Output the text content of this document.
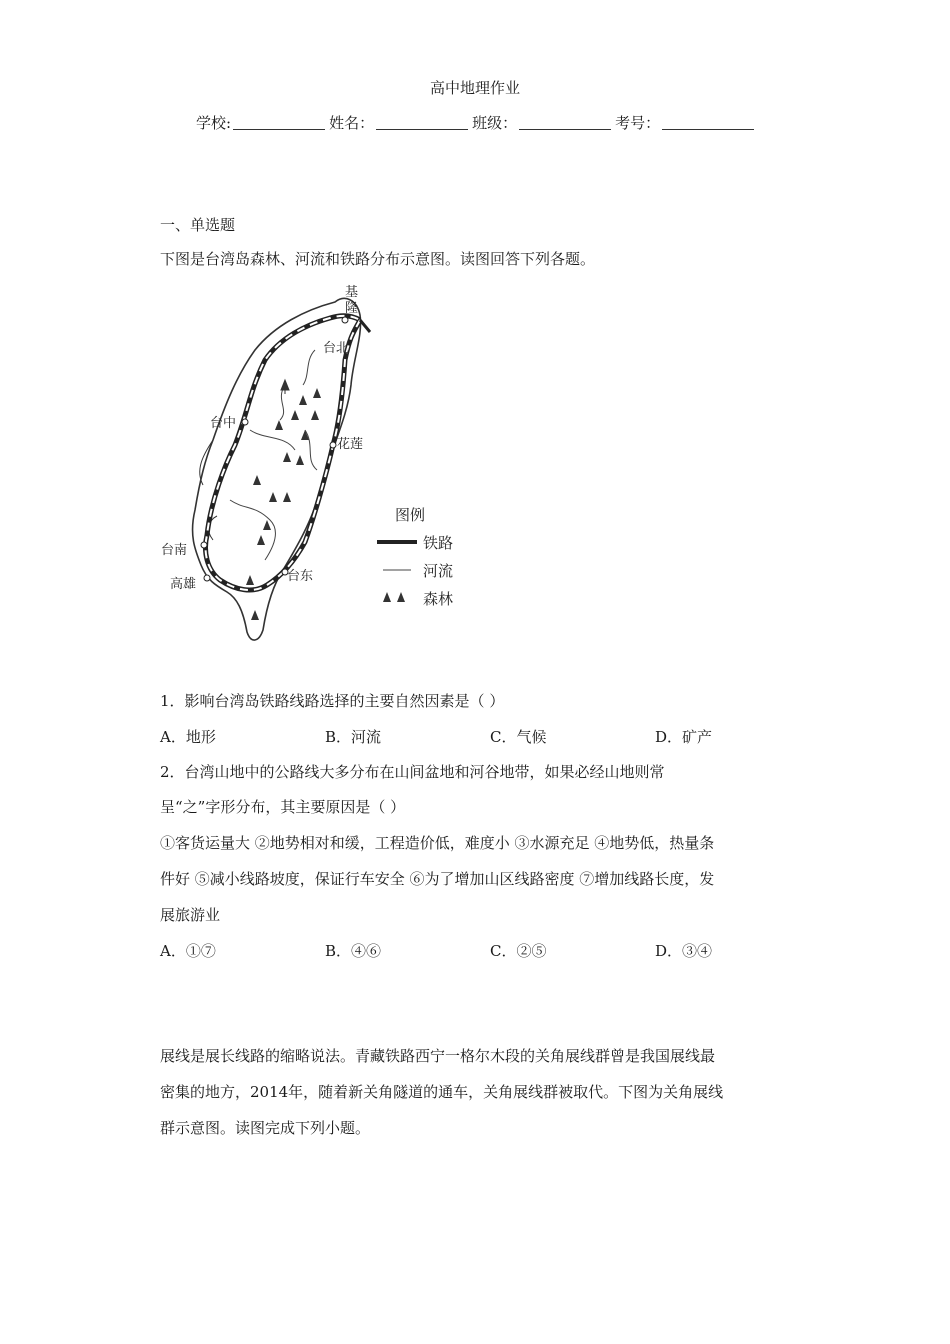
高中地理作业
学校:	姓名：	班级：	考号：
一、单选题
下图是台湾岛森林、河流和铁路分布示意图。读图回答下列各题。
基
隆
台北
台中
花莲
台南
高雄
台东
图例
铁路
河流
森林
1．影响台湾岛铁路线路选择的主要自然因素是（ ）
A．地形	B．河流	C．气候	D．矿产
2．台湾山地中的公路线大多分布在山间盆地和河谷地带，如果必经山地则常
呈“之”字形分布，其主要原因是（ ）
①客货运量大 ②地势相对和缓，工程造价低，难度小 ③水源充足 ④地势低，热量条
件好 ⑤减小线路坡度，保证行车安全 ⑥为了增加山区线路密度 ⑦增加线路长度，发
展旅游业
A．①⑦	B．④⑥	C．②⑤	D．③④
展线是展长线路的缩略说法。青藏铁路西宁一格尔木段的关角展线群曾是我国展线最
密集的地方，2014年，随着新关角隧道的通车，关角展线群被取代。下图为关角展线
群示意图。读图完成下列小题。
